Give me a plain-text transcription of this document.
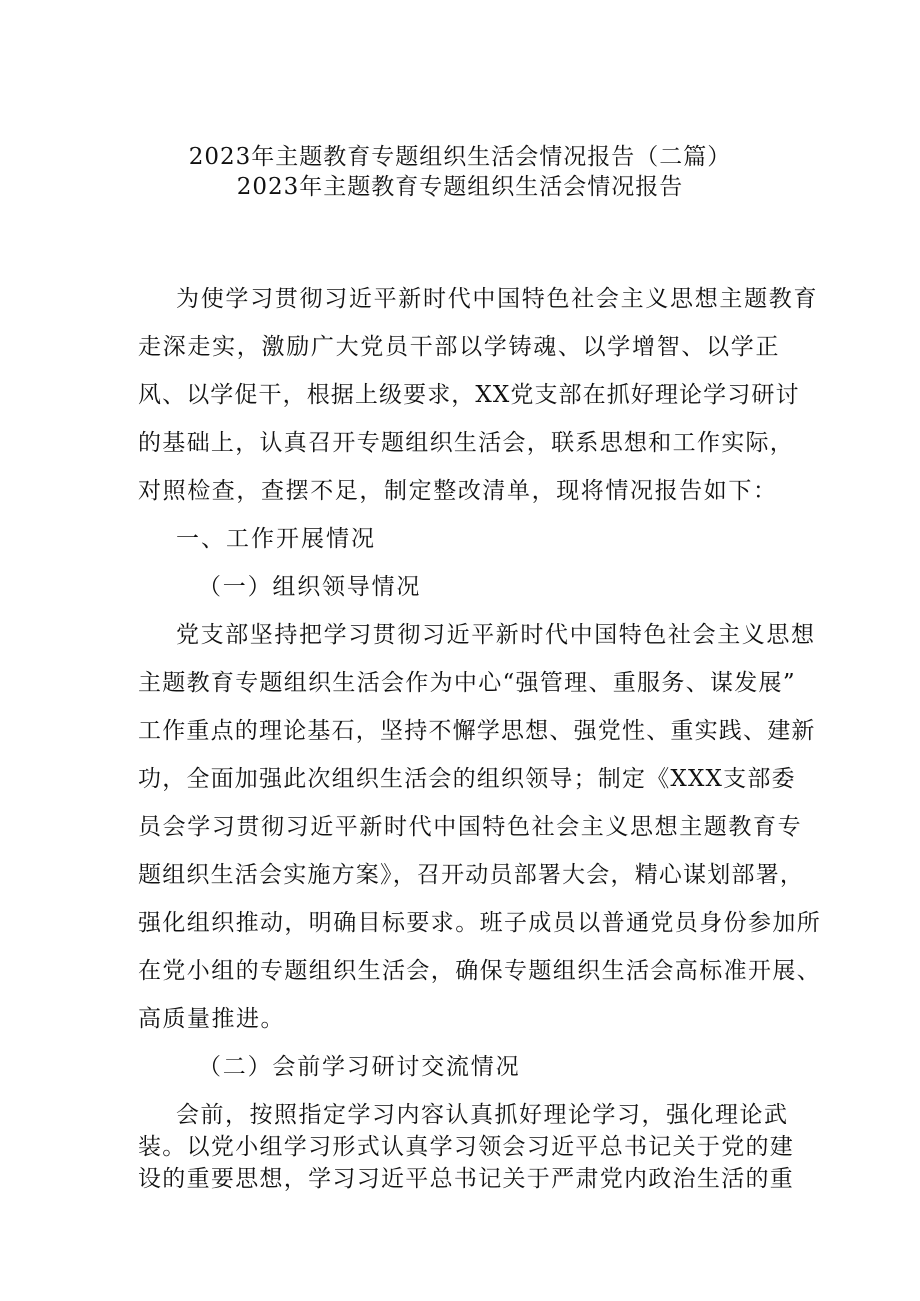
2023年主题教育专题组织生活会情况报告（二篇）
2023年主题教育专题组织生活会情况报告
为使学习贯彻习近平新时代中国特色社会主义思想主题教育
走深走实，激励广大党员干部以学铸魂、以学增智、以学正
风、以学促干，根据上级要求，XX党支部在抓好理论学习研讨
的基础上，认真召开专题组织生活会，联系思想和工作实际，
对照检查，查摆不足，制定整改清单，现将情况报告如下：
一、工作开展情况
（一）组织领导情况
党支部坚持把学习贯彻习近平新时代中国特色社会主义思想
主题教育专题组织生活会作为中心“强管理、重服务、谋发展”
工作重点的理论基石，坚持不懈学思想、强党性、重实践、建新
功，全面加强此次组织生活会的组织领导；制定《XXX支部委
员会学习贯彻习近平新时代中国特色社会主义思想主题教育专
题组织生活会实施方案》，召开动员部署大会，精心谋划部署，
强化组织推动，明确目标要求。班子成员以普通党员身份参加所
在党小组的专题组织生活会，确保专题组织生活会高标准开展、
高质量推进。
（二）会前学习研讨交流情况
会前，按照指定学习内容认真抓好理论学习，强化理论武
装。以党小组学习形式认真学习领会习近平总书记关于党的建
设的重要思想，学习习近平总书记关于严肃党内政治生活的重
